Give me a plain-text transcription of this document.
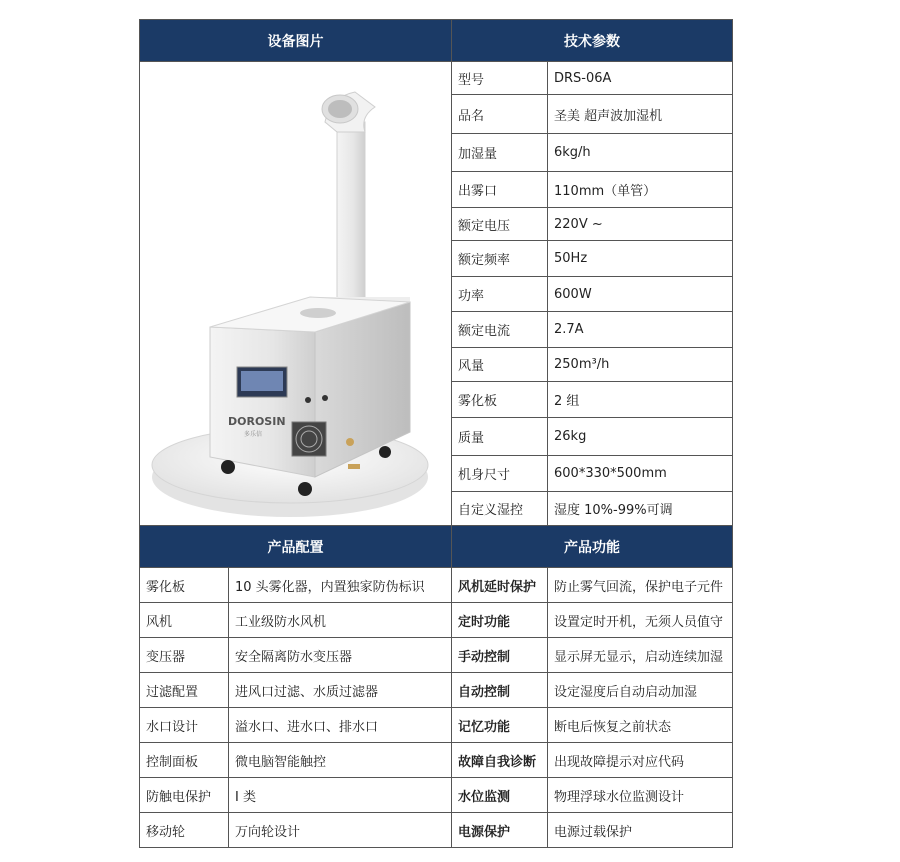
设备图片		技术参数	

DOROSIN
多乐信		型号	DRS-06A
		品名	圣美 超声波加湿机
		加湿量	6kg/h
		出雾口	110mm（单管）
		额定电压	220V ~
		额定频率	50Hz
		功率	600W
		额定电流	2.7A
		风量	250m³/h
		雾化板	2 组
		质量	26kg
		机身尺寸	600*330*500mm
		自定义湿控	湿度 10%-99%可调
产品配置		产品功能	
雾化板	10 头雾化器，内置独家防伪标识	风机延时保护	防止雾气回流，保护电子元件
风机	工业级防水风机	定时功能	设置定时开机，无须人员值守
变压器	安全隔离防水变压器	手动控制	显示屏无显示，启动连续加湿
过滤配置	进风口过滤、水质过滤器	自动控制	设定湿度后自动启动加湿
水口设计	溢水口、进水口、排水口	记忆功能	断电后恢复之前状态
控制面板	微电脑智能触控	故障自我诊断	出现故障提示对应代码
防触电保护	I 类	水位监测	物理浮球水位监测设计
移动轮	万向轮设计	电源保护	电源过载保护
